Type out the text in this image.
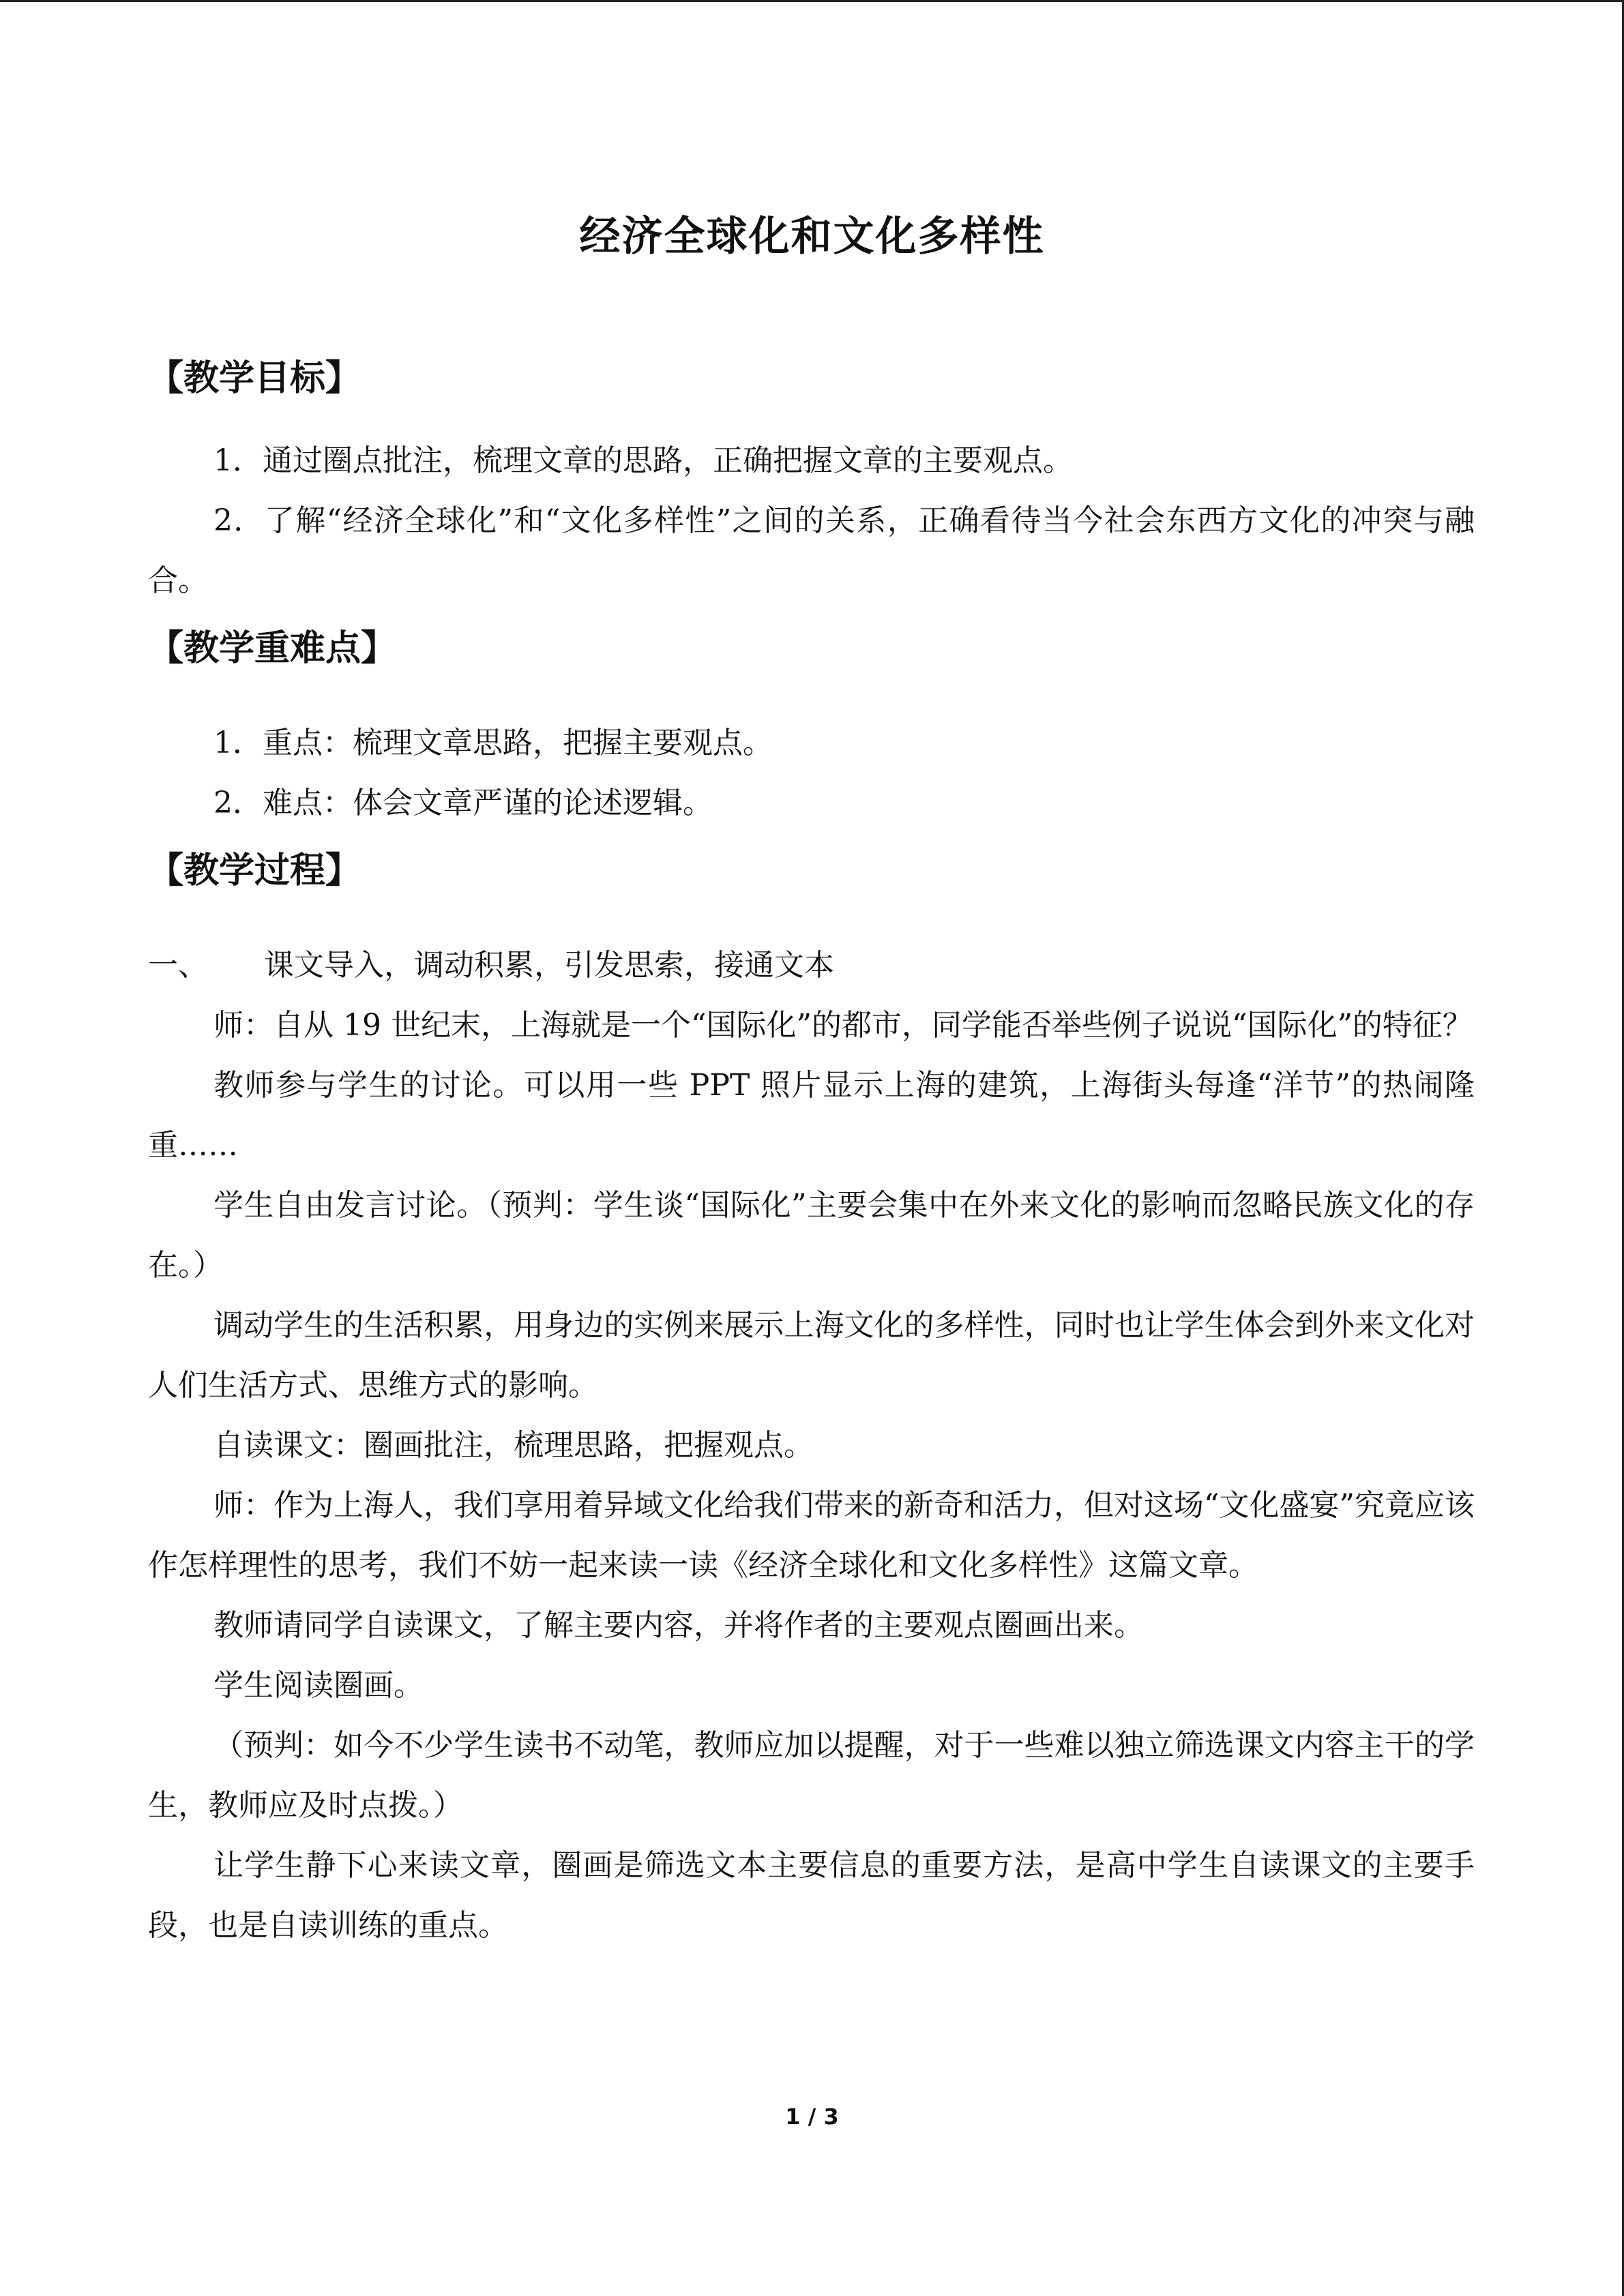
经济全球化和文化多样性
【教学目标】

1．通过圈点批注，梳理文章的思路，正确把握文章的主要观点。

2．了解“经济全球化”和“文化多样性”之间的关系，正确看待当今社会东西方文化的冲突与融合。

【教学重难点】

1．重点：梳理文章思路，把握主要观点。

2．难点：体会文章严谨的论述逻辑。

【教学过程】
一、	课文导入，调动积累，引发思索，接通文本

师：自从 19 世纪末，上海就是一个“国际化”的都市，同学能否举些例子说说“国际化”的特征？

教师参与学生的讨论。可以用一些 PPT 照片显示上海的建筑，上海街头每逢“洋节”的热闹隆重……

学生自由发言讨论。（预判：学生谈“国际化”主要会集中在外来文化的影响而忽略民族文化的存在。）

调动学生的生活积累，用身边的实例来展示上海文化的多样性，同时也让学生体会到外来文化对人们生活方式、思维方式的影响。

自读课文：圈画批注，梳理思路，把握观点。

师：作为上海人，我们享用着异域文化给我们带来的新奇和活力，但对这场“文化盛宴”究竟应该作怎样理性的思考，我们不妨一起来读一读《经济全球化和文化多样性》这篇文章。

教师请同学自读课文，了解主要内容，并将作者的主要观点圈画出来。

学生阅读圈画。

（预判：如今不少学生读书不动笔，教师应加以提醒，对于一些难以独立筛选课文内容主干的学生，教师应及时点拨。）

让学生静下心来读文章，圈画是筛选文本主要信息的重要方法，是高中学生自读课文的主要手段，也是自读训练的重点。

1 / 3
